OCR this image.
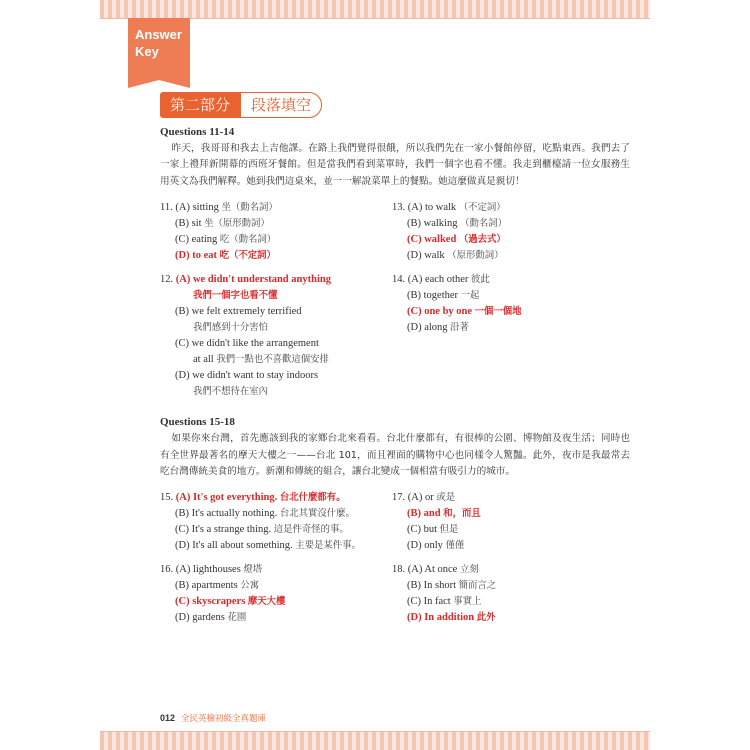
Answer
Key
第二部分	段落填空

Questions 11-14

昨天，我哥哥和我去上吉他課。在路上我們覺得很餓，所以我們先在一家小餐館停留，吃點東西。我們去了一家上禮拜新開幕的西班牙餐館。但是當我們看到菜單時，我們一個字也看不懂。我走到櫃檯請一位女服務生用英文為我們解釋。她到我們這桌來，並一一解說菜單上的餐點。她這麼做真是親切！

11. (A) sitting 坐（動名詞）
(B) sit 坐（原形動詞）
(C) eating 吃（動名詞）
(D) to eat 吃（不定詞）
12. (A) we didn't understand anything
我們一個字也看不懂
(B) we felt extremely terrified
我們感到十分害怕
(C) we didn't like the arrangement
at all 我們一點也不喜歡這個安排
(D) we didn't want to stay indoors
我們不想待在室內
13. (A) to walk （不定詞）
(B) walking （動名詞）
(C) walked （過去式）
(D) walk （原形動詞）
14. (A) each other 彼此
(B) together 一起
(C) one by one 一個一個地
(D) along 沿著

Questions 15-18

如果你來台灣，首先應該到我的家鄉台北來看看。台北什麼都有，有很棒的公園、博物館及夜生活；同時也有全世界最著名的摩天大樓之一——台北 101，而且裡面的購物中心也同樣令人驚豔。此外，夜市是我最常去吃台灣傳統美食的地方。新潮和傳統的組合，讓台北變成一個相當有吸引力的城市。

15. (A) It's got everything. 台北什麼都有。
(B) It's actually nothing. 台北其實沒什麼。
(C) It's a strange thing. 這是件奇怪的事。
(D) It's all about something. 主要是某件事。
16. (A) lighthouses 燈塔
(B) apartments 公寓
(C) skyscrapers 摩天大樓
(D) gardens 花園
17. (A) or 或是
(B) and 和，而且
(C) but 但是
(D) only 僅僅
18. (A) At once 立刻
(B) In short 簡而言之
(C) In fact 事實上
(D) In addition 此外
012 全民英檢初級全真題庫
